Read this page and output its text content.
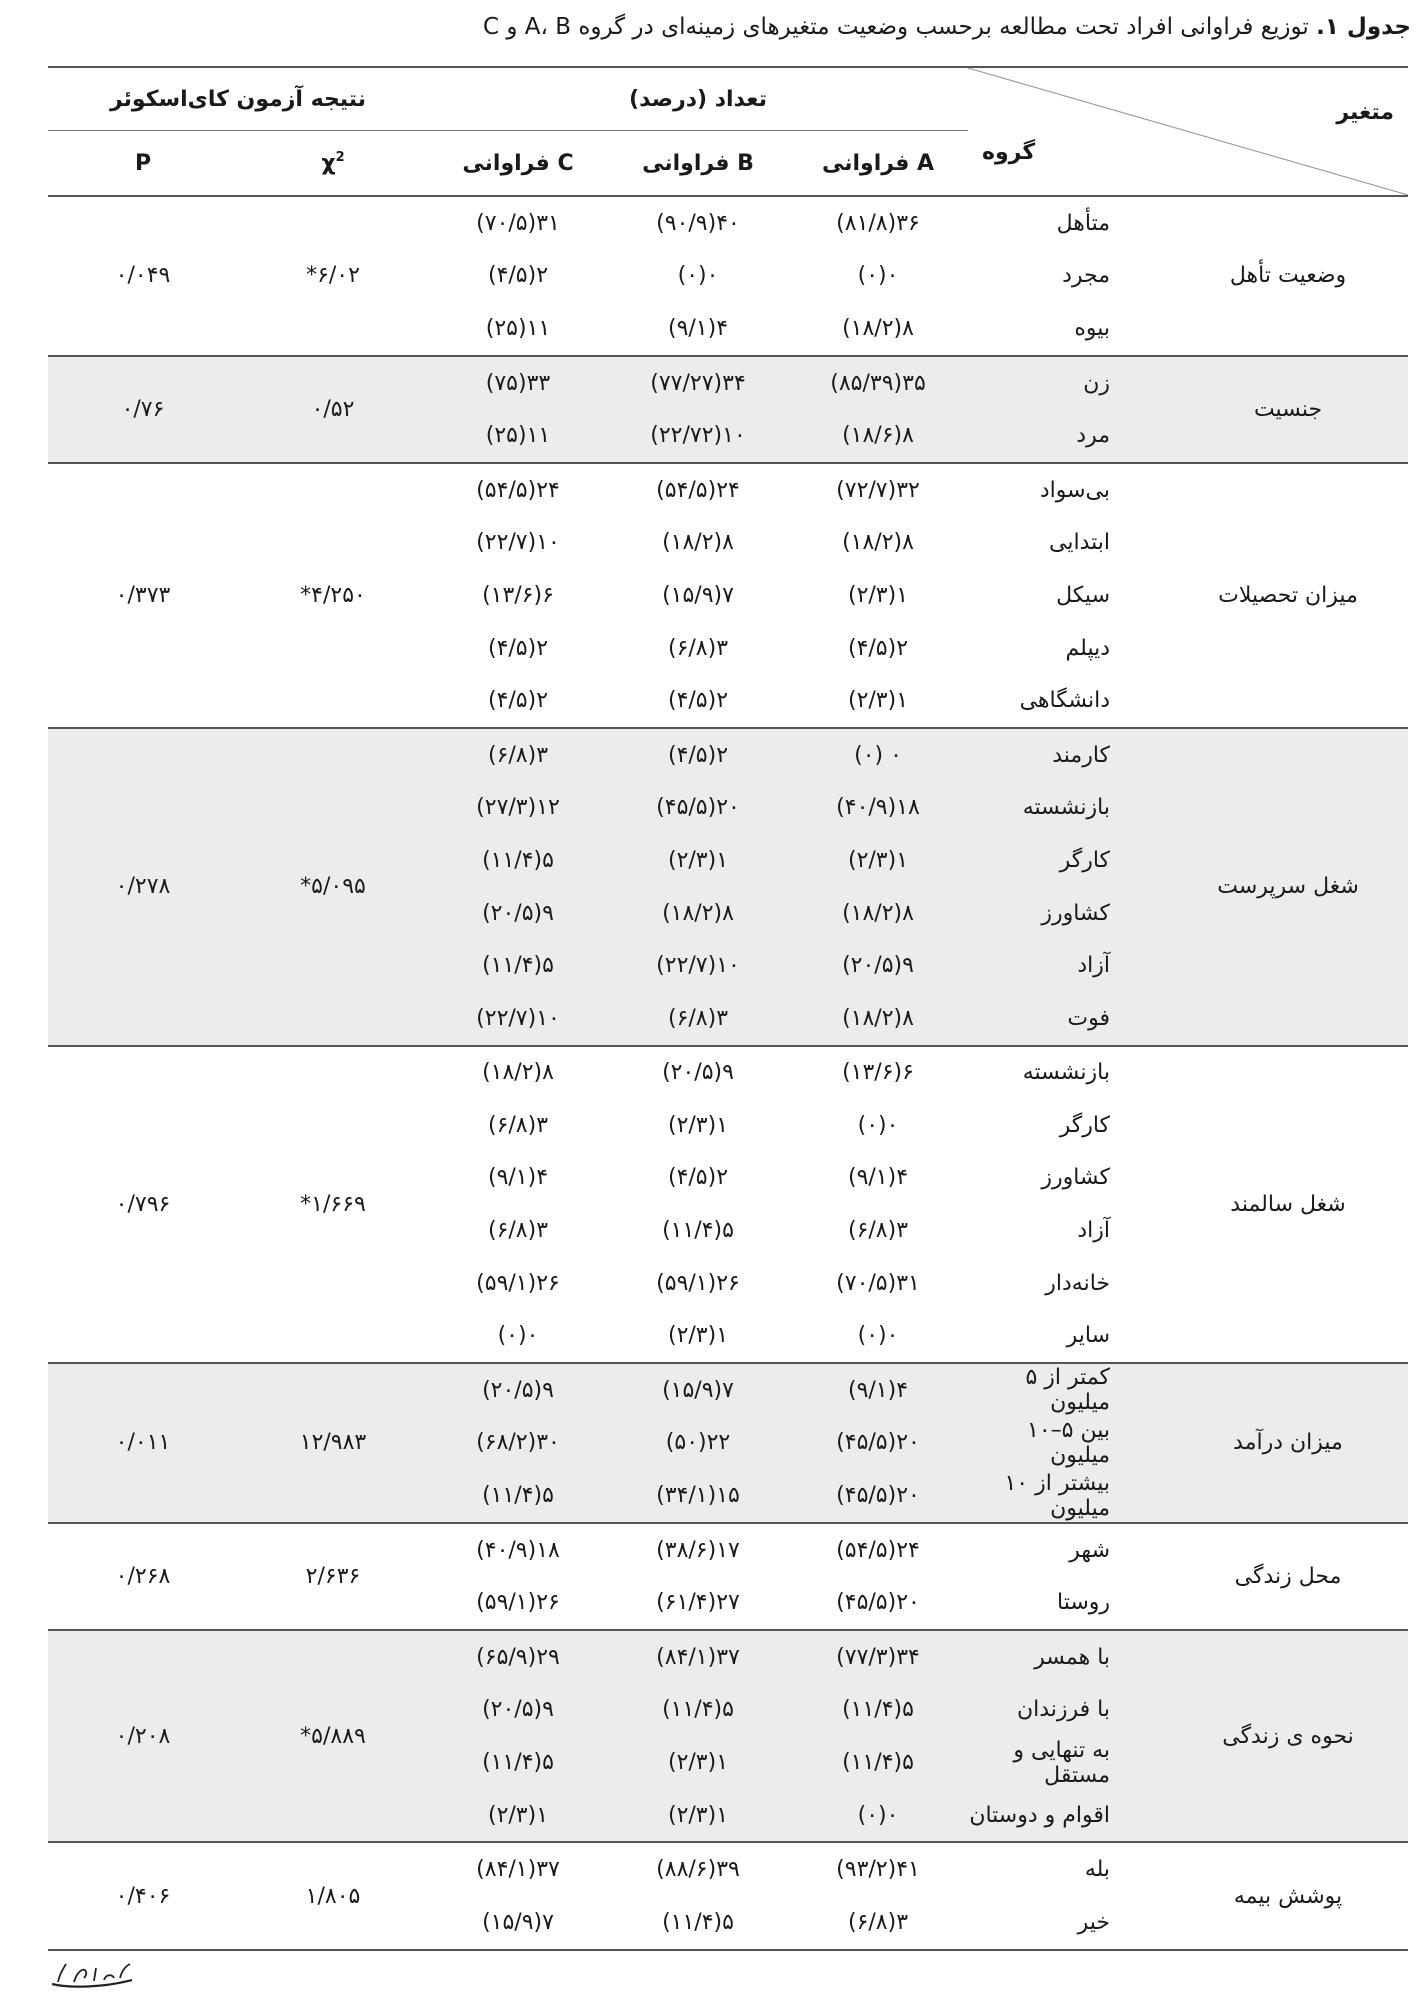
جدول ۱. توزیع فراوانی افراد تحت مطالعه برحسب وضعیت متغیرهای زمینه‌ای در گروه A، B و C
متغیر
گروه		تعداد (درصد)			نتیجه آزمون کای‌اسکوئر	
		A فراوانی	B فراوانی	C فراوانی	$\chi^2$	P
وضعیت تأهل	متأهل	۳۶(۸۱/۸)	۴۰(۹۰/۹)	۳۱(۷۰/۵)	۶/۰۲*	۰/۰۴۹
	مجرد	۰(۰)	۰(۰)	۲(۴/۵)		
	بیوه	۸(۱۸/۲)	۴(۹/۱)	۱۱(۲۵)		
جنسیت	زن	۳۵(۸۵/۳۹)	۳۴(۷۷/۲۷)	۳۳(۷۵)	۰/۵۲	۰/۷۶
	مرد	۸(۱۸/۶)	۱۰(۲۲/۷۲)	۱۱(۲۵)		
میزان تحصیلات	بی‌سواد	۳۲(۷۲/۷)	۲۴(۵۴/۵)	۲۴(۵۴/۵)	۴/۲۵۰*	۰/۳۷۳
	ابتدایی	۸(۱۸/۲)	۸(۱۸/۲)	۱۰(۲۲/۷)		
	سیکل	۱(۲/۳)	۷(۱۵/۹)	۶(۱۳/۶)		
	دیپلم	۲(۴/۵)	۳(۶/۸)	۲(۴/۵)		
	دانشگاهی	۱(۲/۳)	۲(۴/۵)	۲(۴/۵)		
شغل سرپرست	کارمند	۰ (۰)	۲(۴/۵)	۳(۶/۸)	۵/۰۹۵*	۰/۲۷۸
	بازنشسته	۱۸(۴۰/۹)	۲۰(۴۵/۵)	۱۲(۲۷/۳)		
	کارگر	۱(۲/۳)	۱(۲/۳)	۵(۱۱/۴)		
	کشاورز	۸(۱۸/۲)	۸(۱۸/۲)	۹(۲۰/۵)		
	آزاد	۹(۲۰/۵)	۱۰(۲۲/۷)	۵(۱۱/۴)		
	فوت	۸(۱۸/۲)	۳(۶/۸)	۱۰(۲۲/۷)		
شغل سالمند	بازنشسته	۶(۱۳/۶)	۹(۲۰/۵)	۸(۱۸/۲)	۱/۶۶۹*	۰/۷۹۶
	کارگر	۰(۰)	۱(۲/۳)	۳(۶/۸)		
	کشاورز	۴(۹/۱)	۲(۴/۵)	۴(۹/۱)		
	آزاد	۳(۶/۸)	۵(۱۱/۴)	۳(۶/۸)		
	خانه‌دار	۳۱(۷۰/۵)	۲۶(۵۹/۱)	۲۶(۵۹/۱)		
	سایر	۰(۰)	۱(۲/۳)	۰(۰)		
میزان درآمد	کمتر از ۵ میلیون	۴(۹/۱)	۷(۱۵/۹)	۹(۲۰/۵)	۱۲/۹۸۳	۰/۰۱۱
	بین ۵–۱۰ میلیون	۲۰(۴۵/۵)	۲۲(۵۰)	۳۰(۶۸/۲)		
	بیشتر از ۱۰ میلیون	۲۰(۴۵/۵)	۱۵(۳۴/۱)	۵(۱۱/۴)		
محل زندگی	شهر	۲۴(۵۴/۵)	۱۷(۳۸/۶)	۱۸(۴۰/۹)	۲/۶۳۶	۰/۲۶۸
	روستا	۲۰(۴۵/۵)	۲۷(۶۱/۴)	۲۶(۵۹/۱)		
نحوه ی زندگی	با همسر	۳۴(۷۷/۳)	۳۷(۸۴/۱)	۲۹(۶۵/۹)	۵/۸۸۹*	۰/۲۰۸
	با فرزندان	۵(۱۱/۴)	۵(۱۱/۴)	۹(۲۰/۵)		
	به تنهایی و مستقل	۵(۱۱/۴)	۱(۲/۳)	۵(۱۱/۴)		
	اقوام و دوستان	۰(۰)	۱(۲/۳)	۱(۲/۳)		
پوشش بیمه	بله	۴۱(۹۳/۲)	۳۹(۸۸/۶)	۳۷(۸۴/۱)	۱/۸۰۵	۰/۴۰۶
	خیر	۳(۶/۸)	۵(۱۱/۴)	۷(۱۵/۹)		
